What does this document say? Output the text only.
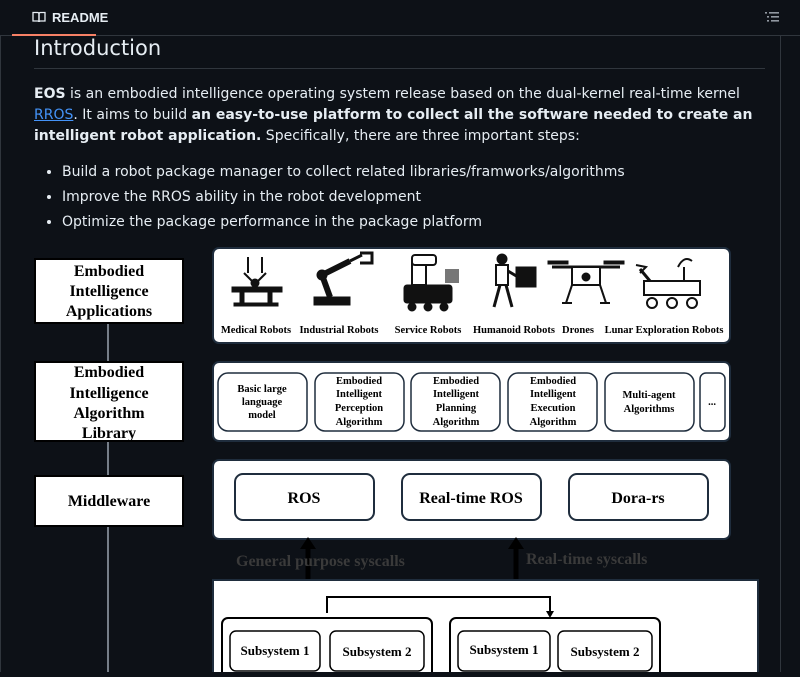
README
Introduction
EOS is an embodied intelligence operating system release based on the dual-kernel real-time kernel RROS. It aims to build an easy-to-use platform to collect all the software needed to create an intelligent robot application. Specifically, there are three important steps:
• Build a robot package manager to collect related libraries/framworks/algorithms
• Improve the RROS ability in the robot development
• Optimize the package performance in the package platform
Embodied
Intelligence
Applications
Embodied
Intelligence
Algorithm
Library
Middleware
Medical Robots Industrial Robots Service Robots Humanoid Robots Drones Lunar Exploration Robots
Basic large
language
model
Embodied
Intelligent
Perception
Algorithm
Embodied
Intelligent
Planning
Algorithm
Embodied
Intelligent
Execution
Algorithm
Multi-agent
Algorithms
...
ROS	Real-time ROS	Dora-rs
General purpose syscalls	Real-time syscalls
Subsystem 1	Subsystem 2	Subsystem 1 Subsystem 2
